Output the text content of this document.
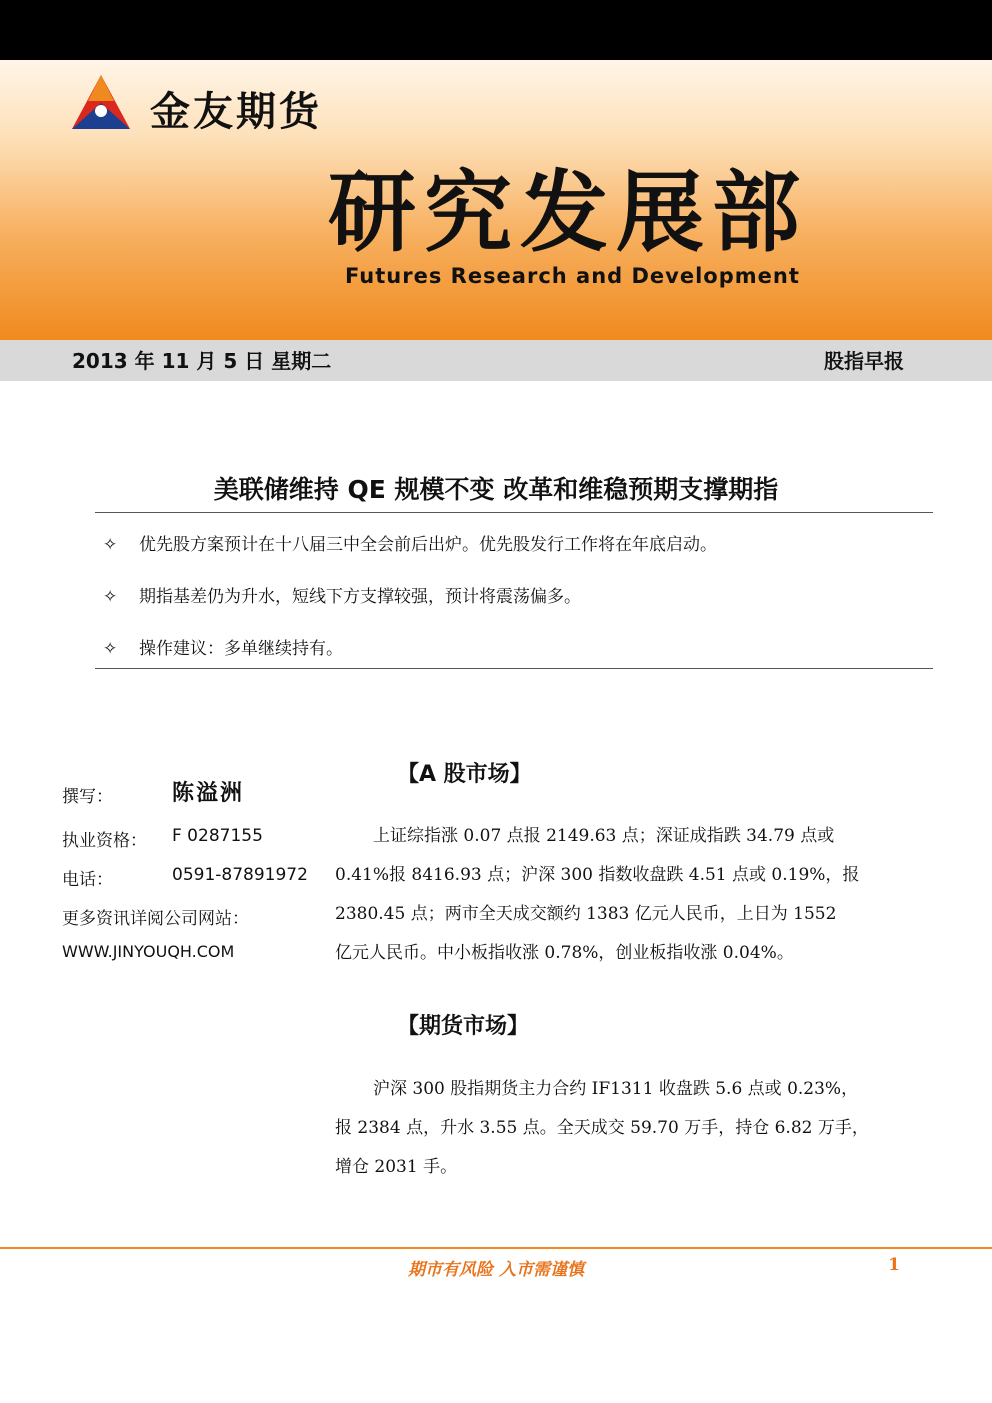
金友期货
研究发展部
Futures Research and Development
2013 年 11 月 5 日 星期二	股指早报
美联储维持 QE 规模不变 改革和维稳预期支撑期指
✧ 优先股方案预计在十八届三中全会前后出炉。优先股发行工作将在年底启动。
✧ 期指基差仍为升水，短线下方支撑较强，预计将震荡偏多。
✧ 操作建议：多单继续持有。
【A 股市场】
撰写：	陈溢洲
执业资格： F 0287155
电话：	0591-87891972
更多资讯详阅公司网站：
WWW.JINYOUQH.COM
上证综指涨 0.07 点报 2149.63 点；深证成指跌 34.79 点或
0.41%报 8416.93 点；沪深 300 指数收盘跌 4.51 点或 0.19%，报
2380.45 点；两市全天成交额约 1383 亿元人民币，上日为 1552
亿元人民币。中小板指收涨 0.78%，创业板指收涨 0.04%。
【期货市场】
沪深 300 股指期货主力合约 IF1311 收盘跌 5.6 点或 0.23%，
报 2384 点，升水 3.55 点。全天成交 59.70 万手，持仓 6.82 万手，
增仓 2031 手。
期市有风险 入市需谨慎	1
